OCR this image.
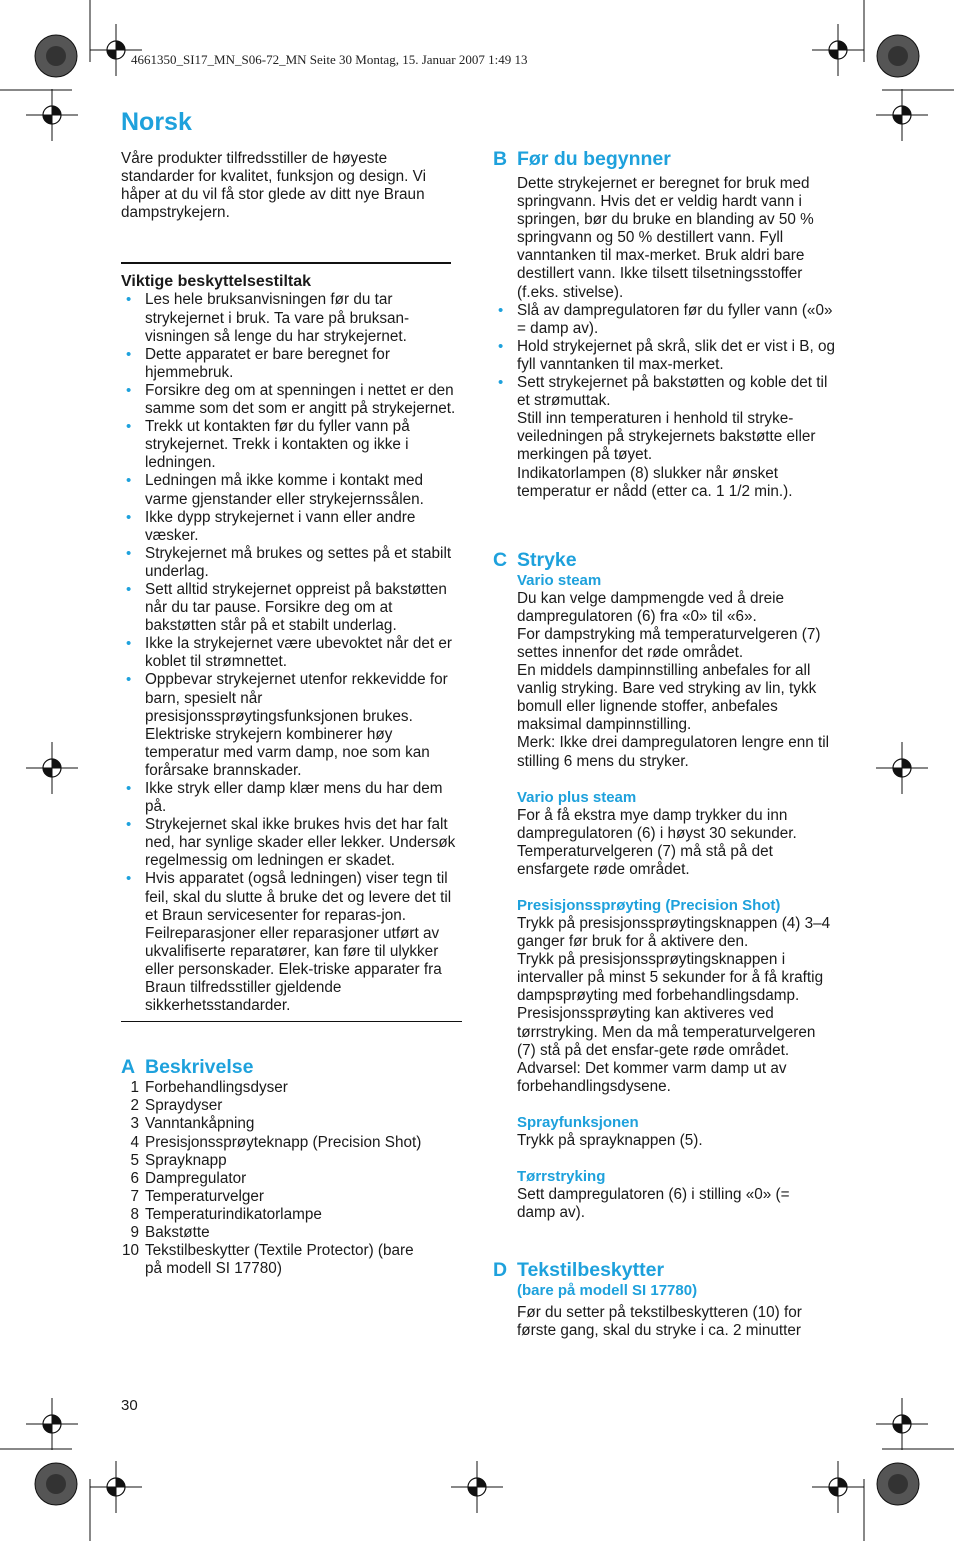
4661350_SI17_MN_S06-72_MN Seite 30 Montag, 15. Januar 2007 1:49 13
Norsk

Våre produkter tilfredsstiller de høyeste standarder for kvalitet, funksjon og design. Vi håper at du vil få stor glede av ditt nye Braun dampstrykejern.

Viktige beskyttelsestiltak

• Les hele bruksanvisningen før du tar strykejernet i bruk. Ta vare på bruksan-visningen så lenge du har strykejernet.
• Dette apparatet er bare beregnet for hjemmebruk.
• Forsikre deg om at spenningen i nettet er den samme som det som er angitt på strykejernet.
• Trekk ut kontakten før du fyller vann på strykejernet. Trekk i kontakten og ikke i ledningen.
• Ledningen må ikke komme i kontakt med varme gjenstander eller strykejernssålen.
• Ikke dypp strykejernet i vann eller andre væsker.
• Strykejernet må brukes og settes på et stabilt underlag.
• Sett alltid strykejernet oppreist på bakstøtten når du tar pause. Forsikre deg om at bakstøtten står på et stabilt underlag.
• Ikke la strykejernet være ubevoktet når det er koblet til strømnettet.
• Oppbevar strykejernet utenfor rekkevidde for barn, spesielt når presisjonssprøytingsfunksjonen brukes. Elektriske strykejern kombinerer høy temperatur med varm damp, noe som kan forårsake brannskader.
• Ikke stryk eller damp klær mens du har dem på.
• Strykejernet skal ikke brukes hvis det har falt ned, har synlige skader eller lekker. Undersøk regelmessig om ledningen er skadet.
• Hvis apparatet (også ledningen) viser tegn til feil, skal du slutte å bruke det og levere det til et Braun servicesenter for reparas-jon. Feilreparasjoner eller reparasjoner utført av ukvalifiserte reparatører, kan føre til ulykker eller personskader. Elek-triske apparater fra Braun tilfredsstiller gjeldende sikkerhetsstandarder.
A Beskrivelse
1 Forbehandlingsdyser
2 Spraydyser
3 Vanntankåpning
4 Presisjonssprøyteknapp (Precision Shot)
5 Sprayknapp
6 Dampregulator
7 Temperaturvelger
8 Temperaturindikatorlampe
9 Bakstøtte
10 Tekstilbeskytter (Textile Protector) (bare på modell SI 17780)
B Før du begynner

Dette strykejernet er beregnet for bruk med springvann. Hvis det er veldig hardt vann i springen, bør du bruke en blanding av 50 % springvann og 50 % destillert vann. Fyll vanntanken til max-merket. Bruk aldri bare destillert vann. Ikke tilsett tilsetningsstoffer (f.eks. stivelse).

• Slå av dampregulatoren før du fyller vann («0» = damp av).
• Hold strykejernet på skrå, slik det er vist i B, og fyll vanntanken til max-merket.
• Sett strykejernet på bakstøtten og koble det til et strømuttak.

Still inn temperaturen i henhold til stryke-veiledningen på strykejernets bakstøtte eller merkingen på tøyet.

Indikatorlampen (8) slukker når ønsket temperatur er nådd (etter ca. 1 1/2 min.).

C Stryke
Vario steam

Du kan velge dampmengde ved å dreie dampregulatoren (6) fra «0» til «6».

For dampstryking må temperaturvelgeren (7) settes innenfor det røde området.

En middels dampinnstilling anbefales for all vanlig stryking. Bare ved stryking av lin, tykk bomull eller lignende stoffer, anbefales maksimal dampinnstilling.

Merk: Ikke drei dampregulatoren lengre enn til stilling 6 mens du stryker.

Vario plus steam

For å få ekstra mye damp trykker du inn dampregulatoren (6) i høyst 30 sekunder. Temperaturvelgeren (7) må stå på det ensfargete røde området.

Presisjonssprøyting (Precision Shot)

Trykk på presisjonssprøytingsknappen (4) 3–4 ganger før bruk for å aktivere den.

Trykk på presisjonssprøytingsknappen i intervaller på minst 5 sekunder for å få kraftig dampsprøyting med forbehandlingsdamp. Presisjonssprøyting kan aktiveres ved tørrstryking. Men da må temperaturvelgeren (7) stå på det ensfar-gete røde området.

Advarsel: Det kommer varm damp ut av forbehandlingsdysene.

Sprayfunksjonen

Trykk på sprayknappen (5).

Tørrstryking

Sett dampregulatoren (6) i stilling «0» (= damp av).

D Tekstilbeskytter
(bare på modell SI 17780)

Før du setter på tekstilbeskytteren (10) for første gang, skal du stryke i ca. 2 minutter

30
